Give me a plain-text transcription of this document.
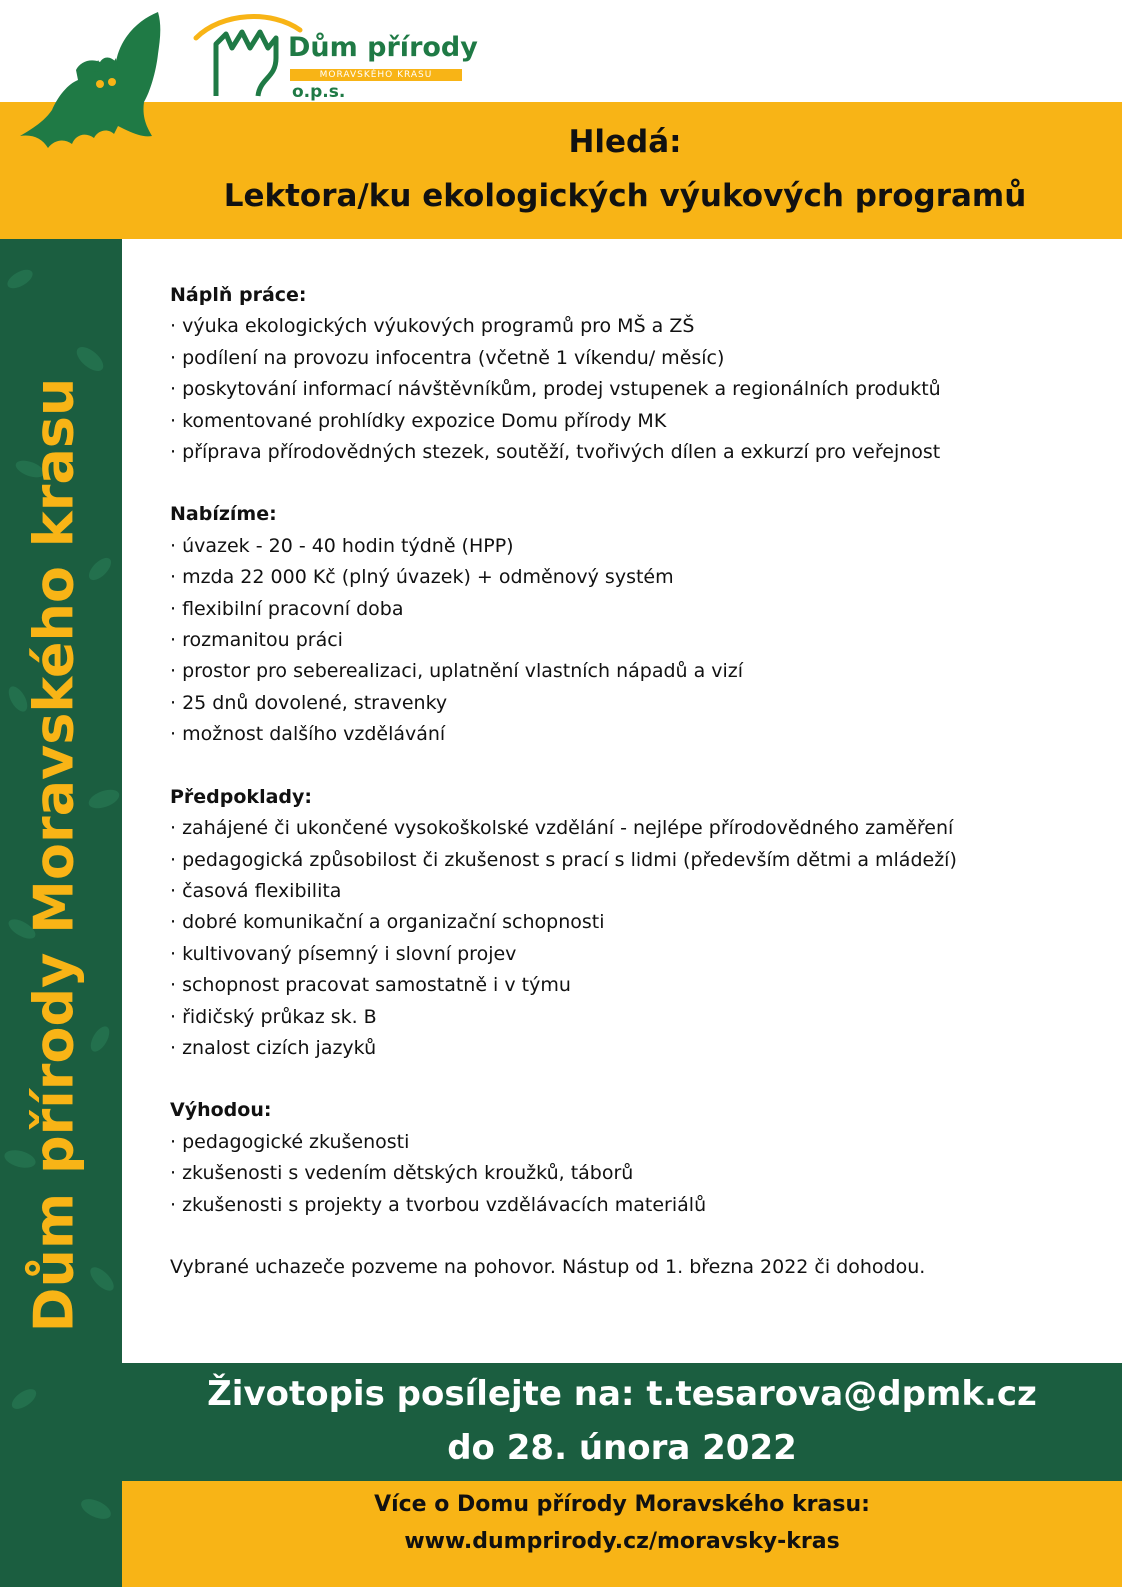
Dům přírody
MORAVSKÉHO KRASU
o.p.s.
Hledá:
Lektora/ku ekologických výukových programů
Dům přírody Moravského krasu
Náplň práce:
· výuka ekologických výukových programů pro MŠ a ZŠ
· podílení na provozu infocentra (včetně 1 víkendu/ měsíc)
· poskytování informací návštěvníkům, prodej vstupenek a regionálních produktů
· komentované prohlídky expozice Domu přírody MK
· příprava přírodovědných stezek, soutěží, tvořivých dílen a exkurzí pro veřejnost
Nabízíme:
· úvazek - 20 - 40 hodin týdně (HPP)
· mzda 22 000 Kč (plný úvazek) + odměnový systém
· flexibilní pracovní doba
· rozmanitou práci
· prostor pro seberealizaci, uplatnění vlastních nápadů a vizí
· 25 dnů dovolené, stravenky
· možnost dalšího vzdělávání
Předpoklady:
· zahájené či ukončené vysokoškolské vzdělání - nejlépe přírodovědného zaměření
· pedagogická způsobilost či zkušenost s prací s lidmi (především dětmi a mládeží)
· časová flexibilita
· dobré komunikační a organizační schopnosti
· kultivovaný písemný i slovní projev
· schopnost pracovat samostatně i v týmu
· řidičský průkaz sk. B
· znalost cizích jazyků
Výhodou:
· pedagogické zkušenosti
· zkušenosti s vedením dětských kroužků, táborů
· zkušenosti s projekty a tvorbou vzdělávacích materiálů
Vybrané uchazeče pozveme na pohovor. Nástup od 1. března 2022 či dohodou.
Životopis posílejte na: t.tesarova@dpmk.cz
do 28. února 2022
Více o Domu přírody Moravského krasu:
www.dumprirody.cz/moravsky-kras
